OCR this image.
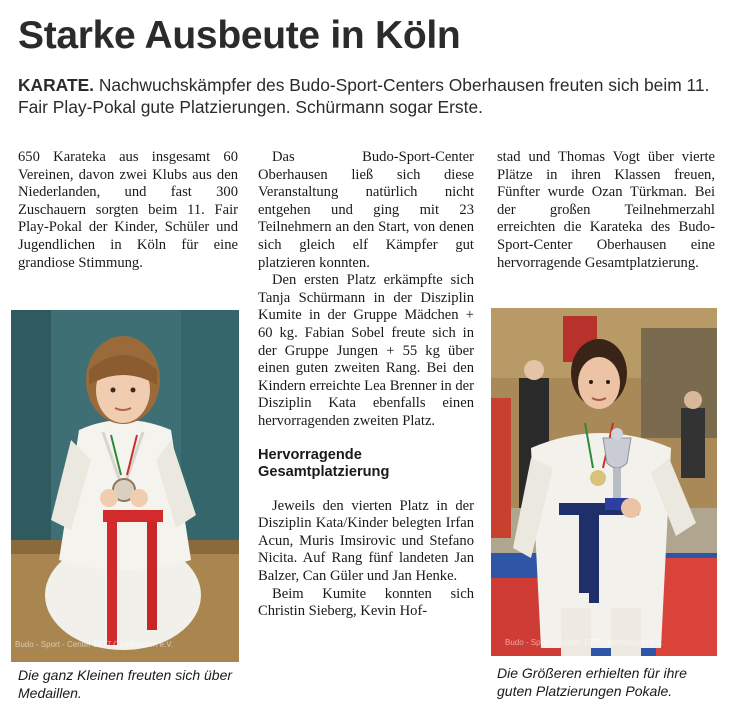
Starke Ausbeute in Köln
KARATE. Nachwuchskämpfer des Budo-Sport-Centers Oberhausen freuten sich beim 11. Fair Play-Pokal gute Platzierungen. Schürmann sogar Erste.

650 Karateka aus insgesamt 60 Vereinen, davon zwei Klubs aus den Niederlanden, und fast 300 Zuschauern sorgten beim 11. Fair Play-Pokal der Kinder, Schüler und Jugendlichen in Köln für eine grandiose Stimmung.

Das Budo-Sport-Center Oberhausen ließ sich diese Veranstaltung natürlich nicht entgehen und ging mit 23 Teilnehmern an den Start, von denen sich gleich elf Kämpfer gut platzieren konnten.

Den ersten Platz erkämpfte sich Tanja Schürmann in der Disziplin Kumite in der Gruppe Mädchen + 60 kg. Fabian Sobel freute sich in der Gruppe Jungen + 55 kg über einen guten zweiten Rang. Bei den Kindern erreichte Lea Brenner in der Disziplin Kata ebenfalls einen hervorragenden zweiten Platz.

Hervorragende Gesamtplatzierung

Jeweils den vierten Platz in der Disziplin Kata/Kinder belegten Irfan Acun, Muris Imsirovic und Stefano Nicita. Auf Rang fünf landeten Jan Balzer, Can Güler und Jan Henke.

Beim Kumite konnten sich Christin Sieberg, Kevin Hof-

stad und Thomas Vogt über vierte Plätze in ihren Klassen freuen, Fünfter wurde Ozan Türkman. Bei der großen Teilnehmerzahl erreichten die Karateka des Budo-Sport-Center Oberhausen eine hervorragende Gesamtplatzierung.

Budo - Sport - Center 1977 Oberhausen e.V.
Die ganz Kleinen freuten sich über Medaillen.
Budo - Sport - Center 1977 Oberhausen e.V.
Die Größeren erhielten für ihre guten Platzierungen Pokale.
